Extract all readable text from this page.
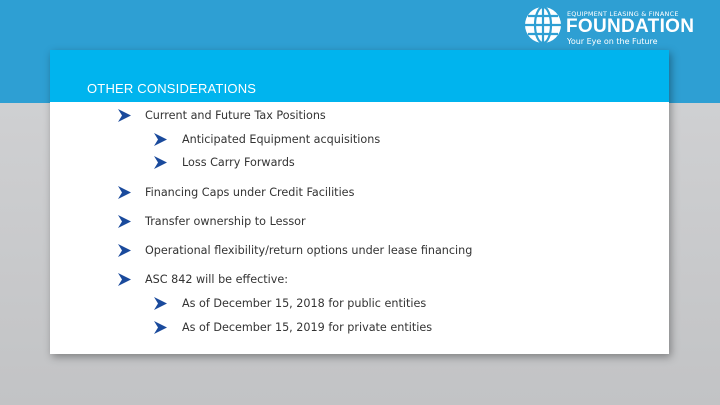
EQUIPMENT LEASING & FINANCE
FOUNDATION
Your Eye on the Future
OTHER CONSIDERATIONS
Current and Future Tax Positions
Anticipated Equipment acquisitions
Loss Carry Forwards
Financing Caps under Credit Facilities
Transfer ownership to Lessor
Operational flexibility/return options under lease financing
ASC 842 will be effective:
As of December 15, 2018 for public entities
As of December 15, 2019 for private entities
